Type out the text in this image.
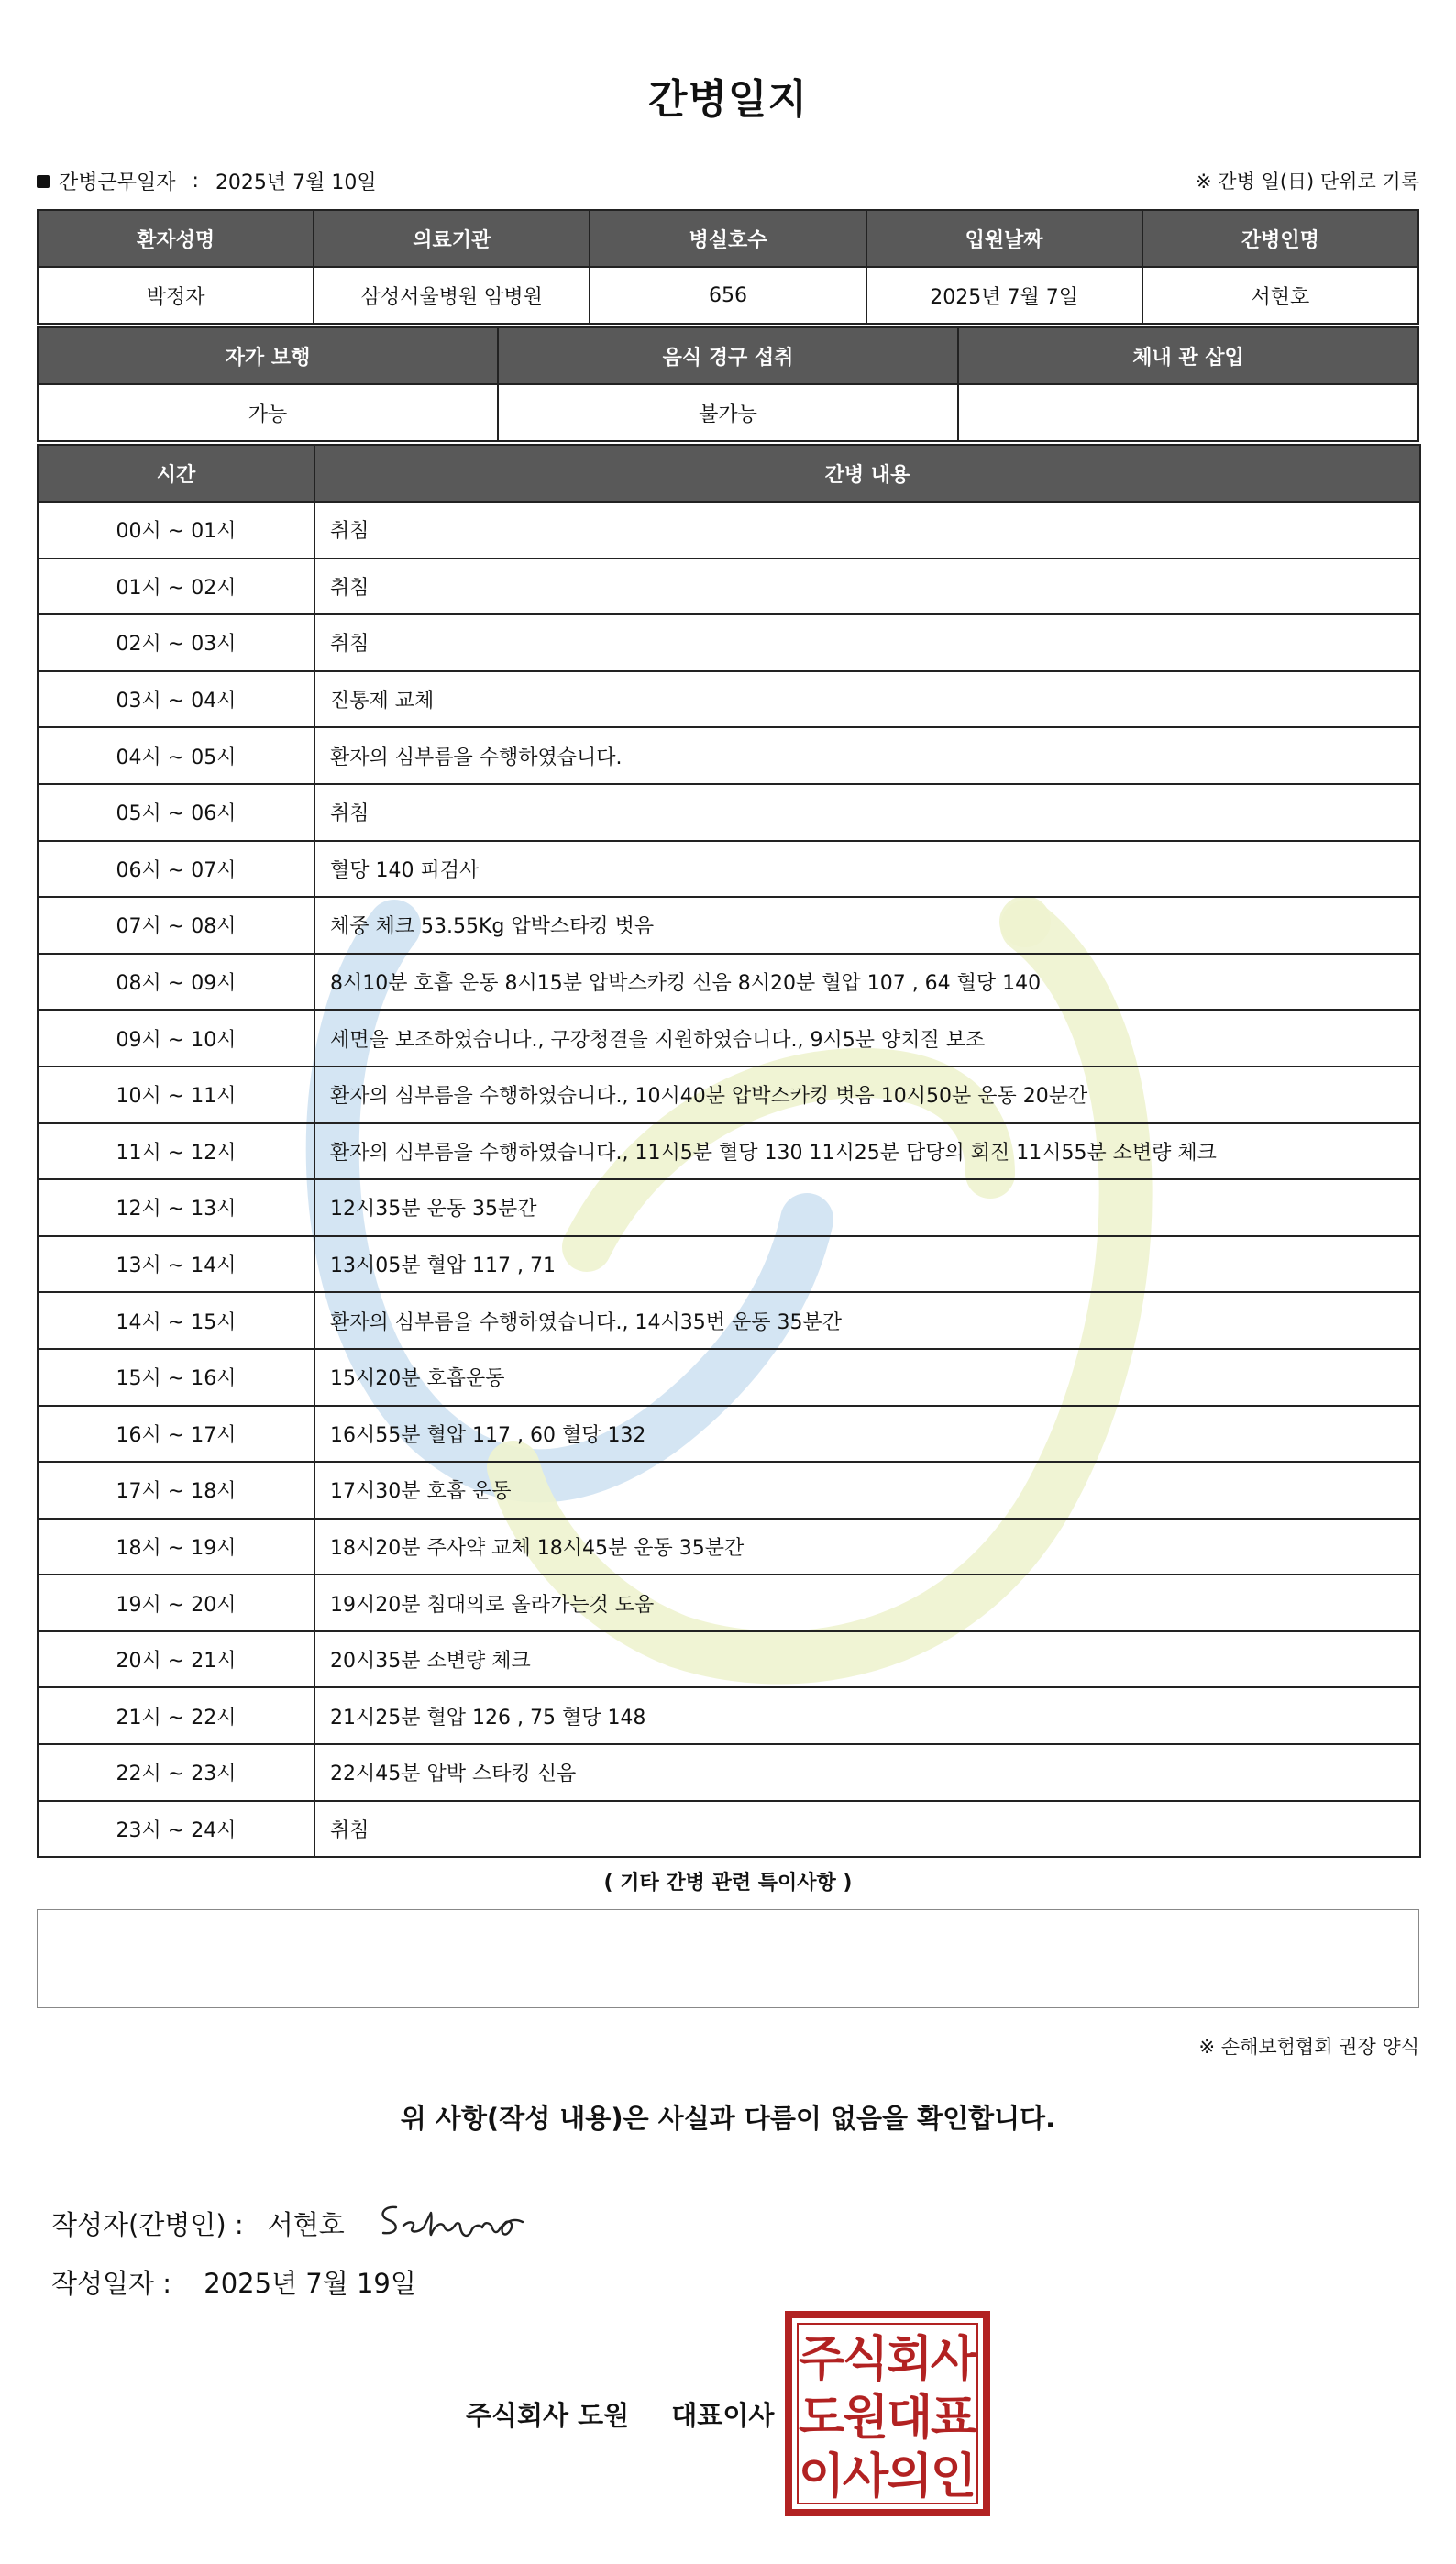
간병일지
간병근무일자 : 2025년 7월 10일	※ 간병 일(日) 단위로 기록
환자성명	의료기관	병실호수	입원날짜	간병인명
박정자	삼성서울병원 암병원	656	2025년 7월 7일	서현호
자가 보행	음식 경구 섭취	체내 관 삽입
가능	불가능	
시간	간병 내용
00시 ~ 01시	취침
01시 ~ 02시	취침
02시 ~ 03시	취침
03시 ~ 04시	진통제 교체
04시 ~ 05시	환자의 심부름을 수행하였습니다.
05시 ~ 06시	취침
06시 ~ 07시	혈당 140 피검사
07시 ~ 08시	체중 체크 53.55Kg 압박스타킹 벗음
08시 ~ 09시	8시10분 호흡 운동 8시15분 압박스카킹 신음 8시20분 혈압 107 , 64 혈당 140
09시 ~ 10시	세면을 보조하였습니다., 구강청결을 지원하였습니다., 9시5분 양치질 보조
10시 ~ 11시	환자의 심부름을 수행하였습니다., 10시40분 압박스카킹 벗음 10시50분 운동 20분간
11시 ~ 12시	환자의 심부름을 수행하였습니다., 11시5분 혈당 130 11시25분 담당의 회진 11시55분 소변량 체크
12시 ~ 13시	12시35분 운동 35분간
13시 ~ 14시	13시05분 혈압 117 , 71
14시 ~ 15시	환자의 심부름을 수행하였습니다., 14시35번 운동 35분간
15시 ~ 16시	15시20분 호흡운동
16시 ~ 17시	16시55분 혈압 117 , 60 혈당 132
17시 ~ 18시	17시30분 호흡 운동
18시 ~ 19시	18시20분 주사약 교체 18시45분 운동 35분간
19시 ~ 20시	19시20분 침대의로 올라가는것 도움
20시 ~ 21시	20시35분 소변량 체크
21시 ~ 22시	21시25분 혈압 126 , 75 혈당 148
22시 ~ 23시	22시45분 압박 스타킹 신음
23시 ~ 24시	취침
( 기타 간병 관련 특이사항 )
※ 손해보험협회 권장 양식
위 사항(작성 내용)은 사실과 다름이 없음을 확인합니다.
작성자(간병인) : 서현호
작성일자 : 2025년 7월 19일
주식회사 도원 대표이사
주
식
회
사
도
원
대
표
이
사
의
인
